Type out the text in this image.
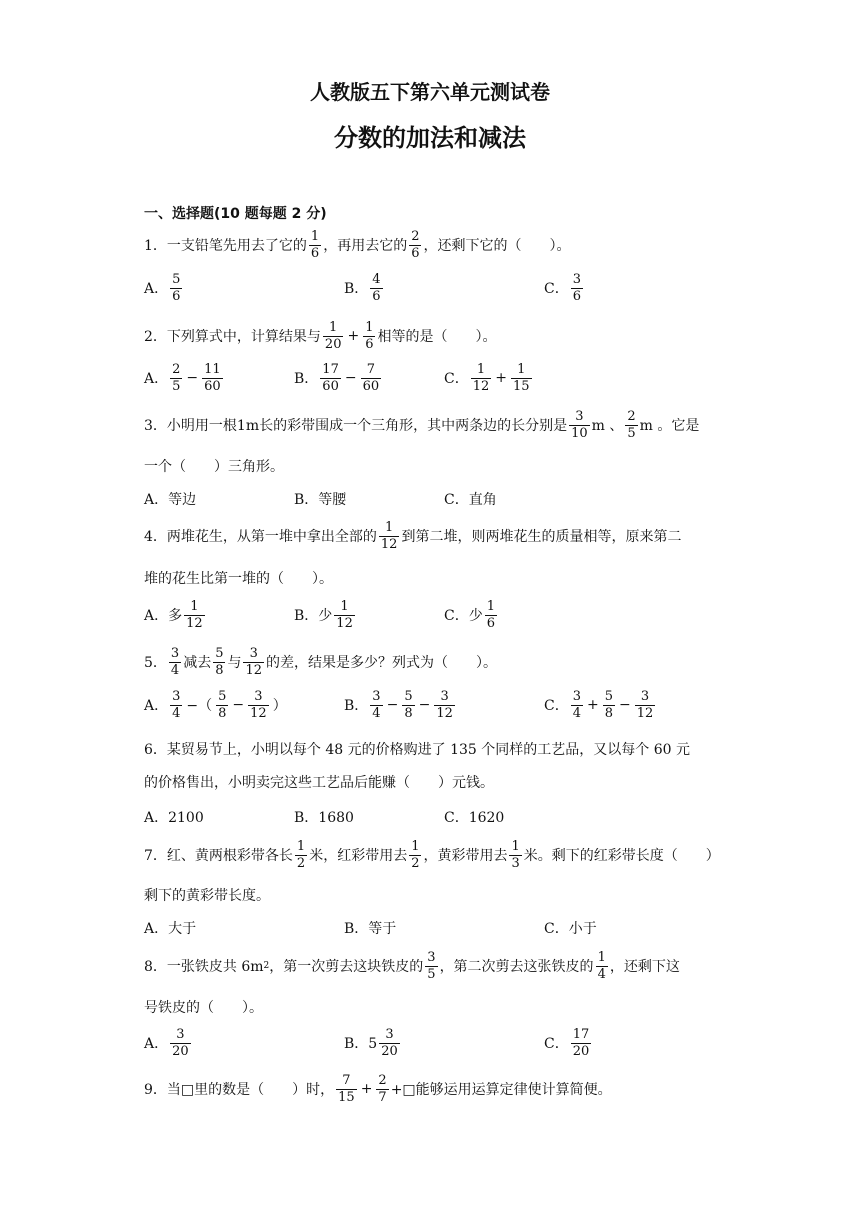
人教版五下第六单元测试卷
分数的加法和减法
一、选择题(10 题每题 2 分)
1．一支铅笔先用去了它的 $\frac{1}{6}$ ，再用去它的 $\frac{2}{6}$ ，还剩下它的（　　）。
A． $\frac{5}{6}$	B． $\frac{4}{6}$	C． $\frac{3}{6}$
2．下列算式中，计算结果与 $\frac{1}{20} + \frac{1}{6}$ 相等的是（　　）。
A． $\frac{2}{5} - \frac{11}{60}$	B． $\frac{17}{60} - \frac{7}{60}$	C． $\frac{1}{12} + \frac{1}{15}$
3．小明用一根1m长的彩带围成一个三角形，其中两条边的长分别是 $\frac{3}{10}$ m 、 $\frac{2}{5}$ m 。它是
一个（　　）三角形。
A．等边	B．等腰	C．直角
4．两堆花生，从第一堆中拿出全部的 $\frac{1}{12}$ 到第二堆，则两堆花生的质量相等，原来第二
堆的花生比第一堆的（　　）。
A．多 $\frac{1}{12}$	B．少 $\frac{1}{12}$	C．少 $\frac{1}{6}$
5． $\frac{3}{4}$ 减去 $\frac{5}{8}$ 与 $\frac{3}{12}$ 的差，结果是多少？列式为（　　）。
A． $\frac{3}{4}$ −（ $\frac{5}{8} - \frac{3}{12}$ ）	B． $\frac{3}{4} - \frac{5}{8} - \frac{3}{12}$	C． $\frac{3}{4} + \frac{5}{8} - \frac{3}{12}$
6．某贸易节上，小明以每个 48 元的价格购进了 135 个同样的工艺品，又以每个 60 元
的价格售出，小明卖完这些工艺品后能赚（　　）元钱。
A．2100	B．1680	C．1620
7．红、黄两根彩带各长 $\frac{1}{2}$ 米，红彩带用去 $\frac{1}{2}$ ，黄彩带用去 $\frac{1}{3}$ 米。剩下的红彩带长度（　　）
剩下的黄彩带长度。
A．大于	B．等于	C．小于
8．一张铁皮共 6m 2 ，第一次剪去这块铁皮的 $\frac{3}{5}$ ，第二次剪去这张铁皮的 $\frac{1}{4}$ ，还剩下这
号铁皮的（　　）。
A． $\frac{3}{20}$	B．$5 \frac{3}{20}$	C． $\frac{17}{20}$
9．当□里的数是（　　）时， $\frac{7}{15} + \frac{2}{7}$ +□能够运用运算定律使计算简便。
